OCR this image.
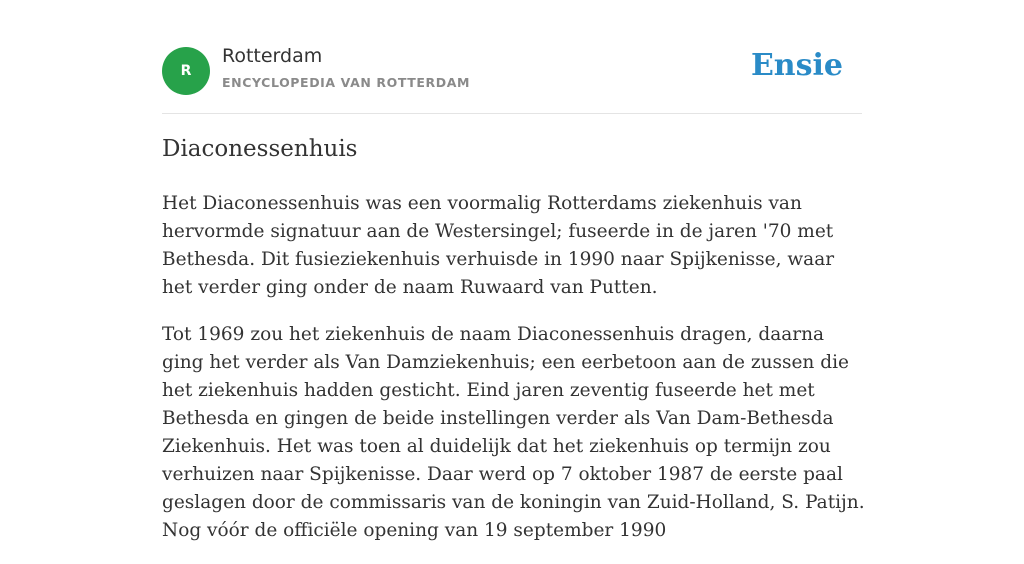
R
Rotterdam
ENCYCLOPEDIA VAN ROTTERDAM	Ensie
Diaconessenhuis

Het Diaconessenhuis was een voormalig Rotterdams ziekenhuis van hervormde signatuur aan de Westersingel; fuseerde in de jaren '70 met Bethesda. Dit fusieziekenhuis verhuisde in 1990 naar Spijkenisse, waar het verder ging onder de naam Ruwaard van Putten.

Tot 1969 zou het ziekenhuis de naam Diaconessenhuis dragen, daarna ging het verder als Van Damziekenhuis; een eerbetoon aan de zussen die het ziekenhuis hadden gesticht. Eind jaren zeventig fuseerde het met Bethesda en gingen de beide instellingen verder als Van Dam-Bethesda Ziekenhuis. Het was toen al duidelijk dat het ziekenhuis op termijn zou verhuizen naar Spijkenisse. Daar werd op 7 oktober 1987 de eerste paal geslagen door de commissaris van de koningin van Zuid-Holland, S. Patijn. Nog vóór de officiële opening van 19 september 1990
